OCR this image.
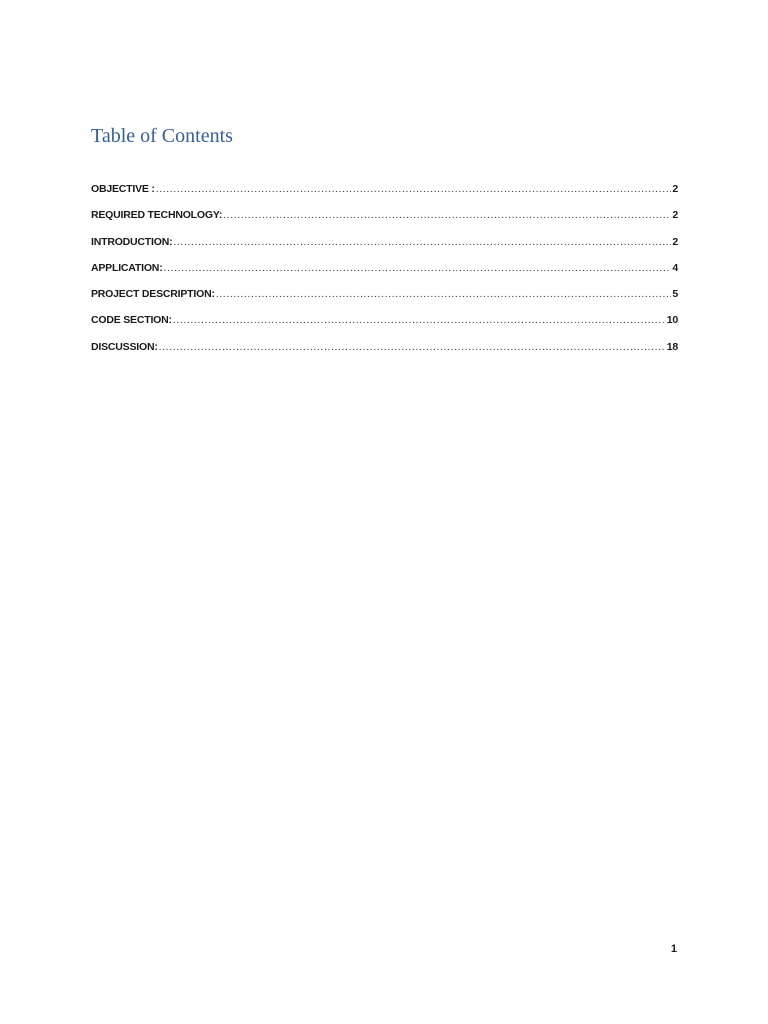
Table of Contents
OBJECTIVE : .....	2
REQUIRED TECHNOLOGY: .....	2
INTRODUCTION: .....	2
APPLICATION: .....	4
PROJECT DESCRIPTION: .....	5
CODE SECTION: .....	10
DISCUSSION: .....	18
1
